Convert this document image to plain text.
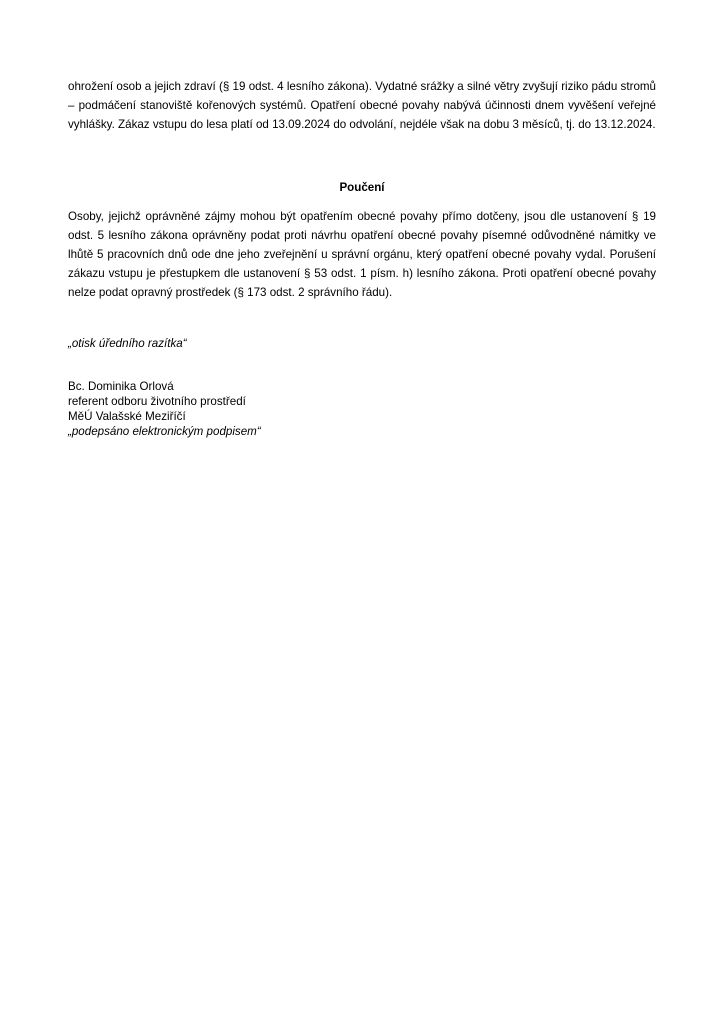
ohrožení osob a jejich zdraví (§ 19 odst. 4 lesního zákona). Vydatné srážky a silné větry zvyšují riziko pádu stromů – podmáčení stanoviště kořenových systémů. Opatření obecné povahy nabývá účinnosti dnem vyvěšení veřejné vyhlášky. Zákaz vstupu do lesa platí od 13.09.2024 do odvolání, nejdéle však na dobu 3 měsíců, tj. do 13.12.2024.

Poučení

Osoby, jejichž oprávněné zájmy mohou být opatřením obecné povahy přímo dotčeny, jsou dle ustanovení § 19 odst. 5 lesního zákona oprávněny podat proti návrhu opatření obecné povahy písemné odůvodněné námitky ve lhůtě 5 pracovních dnů ode dne jeho zveřejnění u správní orgánu, který opatření obecné povahy vydal. Porušení zákazu vstupu je přestupkem dle ustanovení § 53 odst. 1 písm. h) lesního zákona. Proti opatření obecné povahy nelze podat opravný prostředek (§ 173 odst. 2 správního řádu).

„otisk úředního razítka“
Bc. Dominika Orlová
referent odboru životního prostředí
MěÚ Valašské Meziříčí
„podepsáno elektronickým podpisem“
